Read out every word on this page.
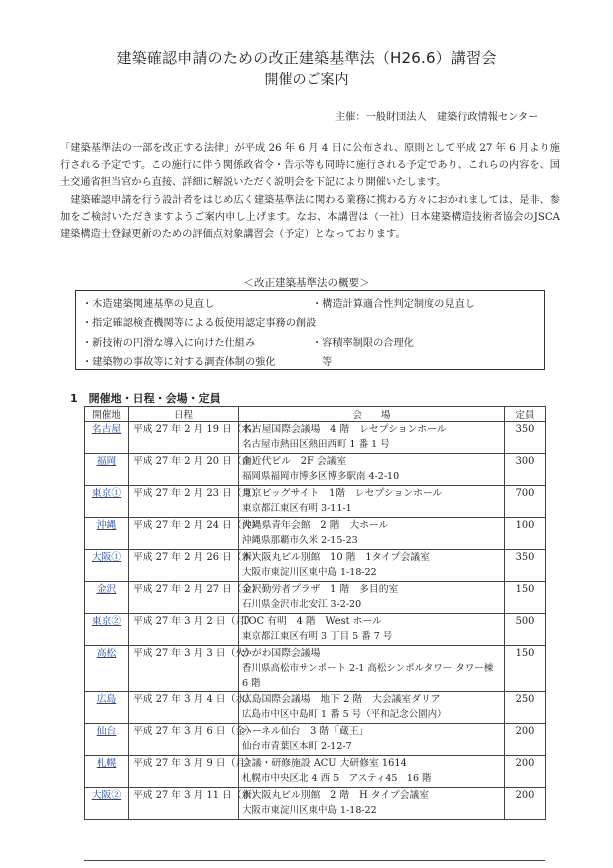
建築確認申請のための改正建築基準法（H26.6）講習会
開催のご案内
主催：一般財団法人　建築行政情報センター

「建築基準法の一部を改正する法律」が平成 26 年 6 月 4 日に公布され、原則として平成 27 年 6 月より施行される予定です。この施行に伴う関係政省令・告示等も同時に施行される予定であり、これらの内容を、国土交通省担当官から直接、詳細に解説いただく説明会を下記により開催いたします。

建築確認申請を行う設計者をはじめ広く建築基準法に関わる業務に携わる方々におかれましては、是非、参加をご検討いただきますようご案内申し上げます。なお、本講習は（一社）日本建築構造技術者協会のJSCA建築構造士登録更新のための評価点対象講習会（予定）となっております。

＜改正建築基準法の概要＞
・木造建築関連基準の見直し	・構造計算適合性判定制度の見直し
・指定確認検査機関等による仮使用認定事務の創設
・新技術の円滑な導入に向けた仕組み	・容積率制限の合理化
・建築物の事故等に対する調査体制の強化	等
1　開催地・日程・会場・定員
開催地	日程	会　　場	定員
名古屋	平成 27 年 2 月 19 日（木）	名古屋国際会議場　4 階　レセプションホール
名古屋市熱田区熱田西町 1 番 1 号	350
福岡	平成 27 年 2 月 20 日（金）	南近代ビル　2F 会議室
福岡県福岡市博多区博多駅南 4-2-10	300
東京①	平成 27 年 2 月 23 日（月）	東京ビッグサイト　1階　レセプションホール
東京都江東区有明 3-11-1	700
沖縄	平成 27 年 2 月 24 日（火）	沖縄県青年会館　2 階　大ホール
沖縄県那覇市久米 2-15-23	100
大阪①	平成 27 年 2 月 26 日（木）	新大阪丸ビル別館　10 階　1タイプ会議室
大阪市東淀川区東中島 1-18-22	350
金沢	平成 27 年 2 月 27 日（金）	金沢勤労者プラザ　1 階　多目的室
石川県金沢市北安江 3-2-20	150
東京②	平成 27 年 3 月 2 日（月）	TOC 有明　4 階　West ホール
東京都江東区有明 3 丁目 5 番 7 号	500
高松	平成 27 年 3 月 3 日（火）	かがわ国際会議場
香川県高松市サンポート 2-1 高松シンボルタワー タワー棟 6 階	150
広島	平成 27 年 3 月 4 日（水）	広島国際会議場　地下 2 階　大会議室ダリア
広島市中区中島町 1 番 5 号（平和記念公園内）	250
仙台	平成 27 年 3 月 6 日（金）	ハーネル仙台　3 階「蔵王」
仙台市青葉区本町 2-12-7	200
札幌	平成 27 年 3 月 9 日（月）	会議・研修施設 ACU 大研修室 1614
札幌市中央区北 4 西 5　アスティ45　16 階	200
大阪②	平成 27 年 3 月 11 日（水）	新大阪丸ビル別館　2 階　H タイプ会議室
大阪市東淀川区東中島 1-18-22	200
